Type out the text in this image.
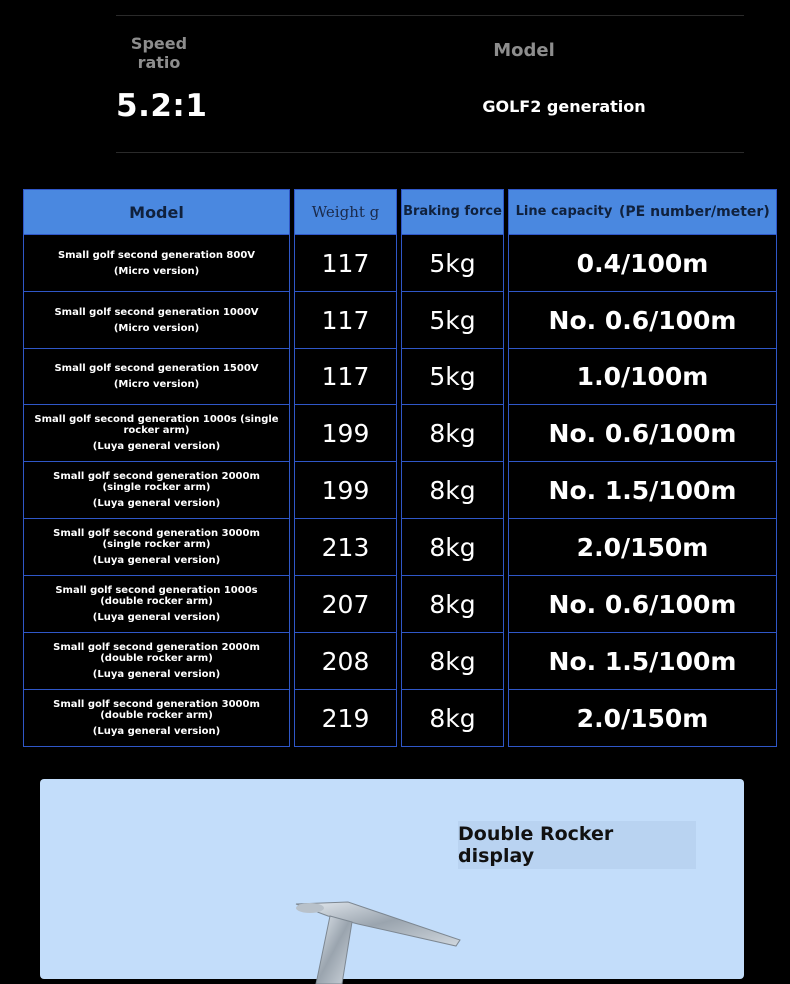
Speed ratio
5.2:1
Model
GOLF2 generation
Model	Weight g	Braking force	Line capacity (PE number/meter)
Small golf second generation 800V
(Micro version)	117	5kg	0.4/100m
Small golf second generation 1000V
(Micro version)	117	5kg	No. 0.6/100m
Small golf second generation 1500V
(Micro version)	117	5kg	1.0/100m
Small golf second generation 1000s (single rocker arm)
(Luya general version)	199	8kg	No. 0.6/100m
Small golf second generation 2000m (single rocker arm)
(Luya general version)	199	8kg	No. 1.5/100m
Small golf second generation 3000m (single rocker arm)
(Luya general version)	213	8kg	2.0/150m
Small golf second generation 1000s (double rocker arm)
(Luya general version)	207	8kg	No. 0.6/100m
Small golf second generation 2000m (double rocker arm)
(Luya general version)	208	8kg	No. 1.5/100m
Small golf second generation 3000m (double rocker arm)
(Luya general version)	219	8kg	2.0/150m
Double Rocker display
